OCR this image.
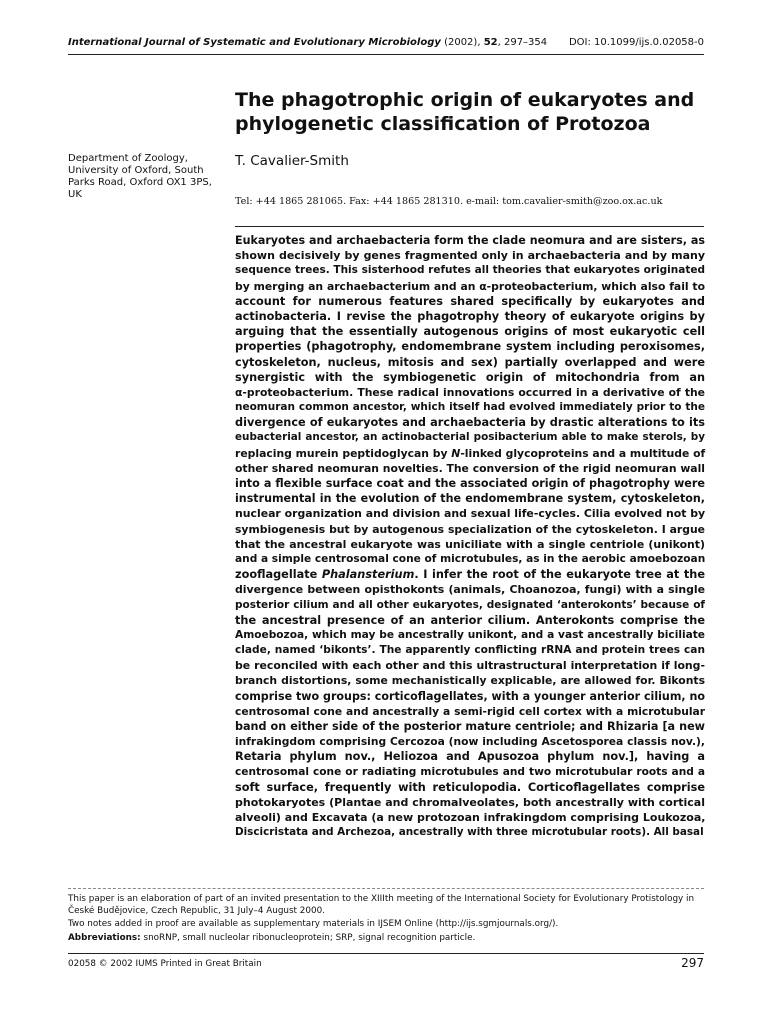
International Journal of Systematic and Evolutionary Microbiology (2002), 52, 297–354 DOI: 10.1099/ijs.0.02058-0
The phagotrophic origin of eukaryotes and
phylogenetic classification of Protozoa
Department of Zoology,
University of Oxford, South
Parks Road, Oxford OX1 3PS,
UK
T. Cavalier-Smith
Tel: +44 1865 281065. Fax: +44 1865 281310. e-mail: tom.cavalier-smith@zoo.ox.ac.uk
Eukaryotes and archaebacteria form the clade neomura and are sisters, as
shown decisively by genes fragmented only in archaebacteria and by many
sequence trees. This sisterhood refutes all theories that eukaryotes originated
by merging an archaebacterium and an α-proteobacterium, which also fail to
account for numerous features shared specifically by eukaryotes and
actinobacteria. I revise the phagotrophy theory of eukaryote origins by
arguing that the essentially autogenous origins of most eukaryotic cell
properties (phagotrophy, endomembrane system including peroxisomes,
cytoskeleton, nucleus, mitosis and sex) partially overlapped and were
synergistic with the symbiogenetic origin of mitochondria from an
α-proteobacterium. These radical innovations occurred in a derivative of the
neomuran common ancestor, which itself had evolved immediately prior to the
divergence of eukaryotes and archaebacteria by drastic alterations to its
eubacterial ancestor, an actinobacterial posibacterium able to make sterols, by
replacing murein peptidoglycan by N-linked glycoproteins and a multitude of
other shared neomuran novelties. The conversion of the rigid neomuran wall
into a flexible surface coat and the associated origin of phagotrophy were
instrumental in the evolution of the endomembrane system, cytoskeleton,
nuclear organization and division and sexual life-cycles. Cilia evolved not by
symbiogenesis but by autogenous specialization of the cytoskeleton. I argue
that the ancestral eukaryote was uniciliate with a single centriole (unikont)
and a simple centrosomal cone of microtubules, as in the aerobic amoebozoan
zooflagellate Phalansterium. I infer the root of the eukaryote tree at the
divergence between opisthokonts (animals, Choanozoa, fungi) with a single
posterior cilium and all other eukaryotes, designated ‘anterokonts’ because of
the ancestral presence of an anterior cilium. Anterokonts comprise the
Amoebozoa, which may be ancestrally unikont, and a vast ancestrally biciliate
clade, named ‘bikonts’. The apparently conflicting rRNA and protein trees can
be reconciled with each other and this ultrastructural interpretation if long-
branch distortions, some mechanistically explicable, are allowed for. Bikonts
comprise two groups: corticoflagellates, with a younger anterior cilium, no
centrosomal cone and ancestrally a semi-rigid cell cortex with a microtubular
band on either side of the posterior mature centriole; and Rhizaria [a new
infrakingdom comprising Cercozoa (now including Ascetosporea classis nov.),
Retaria phylum nov., Heliozoa and Apusozoa phylum nov.], having a
centrosomal cone or radiating microtubules and two microtubular roots and a
soft surface, frequently with reticulopodia. Corticoflagellates comprise
photokaryotes (Plantae and chromalveolates, both ancestrally with cortical
alveoli) and Excavata (a new protozoan infrakingdom comprising Loukozoa,
Discicristata and Archezoa, ancestrally with three microtubular roots). All basal

This paper is an elaboration of part of an invited presentation to the XIIIth meeting of the International Society for Evolutionary Protistology in České Budějovice, Czech Republic, 31 July–4 August 2000.

Two notes added in proof are available as supplementary materials in IJSEM Online (http://ijs.sgmjournals.org/).

Abbreviations: snoRNP, small nucleolar ribonucleoprotein; SRP, signal recognition particle.

02058 © 2002 IUMS Printed in Great Britain	297
